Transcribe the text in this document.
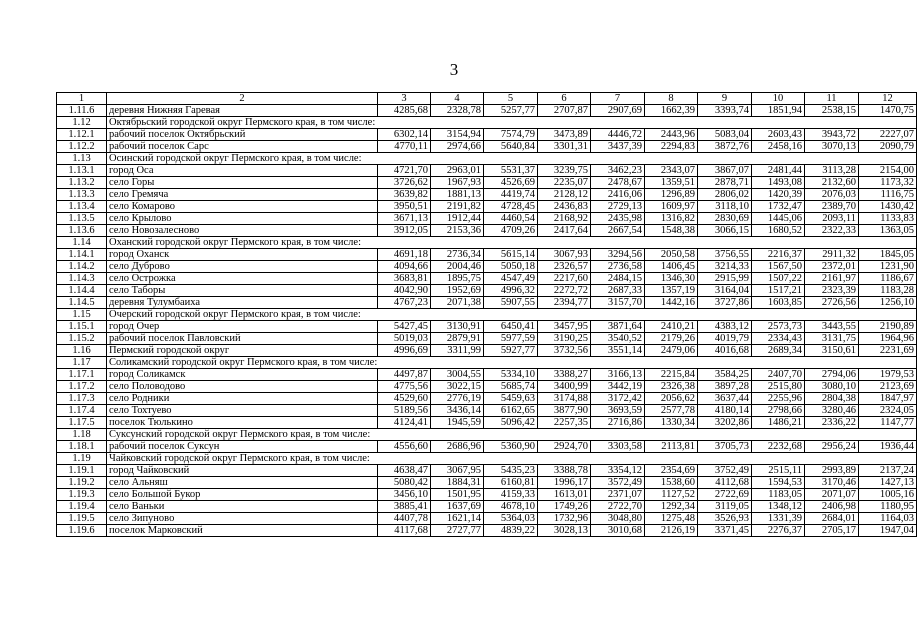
3
1	2	3	4	5	6	7	8	9	10	11	12
1.11.6	деревня Нижняя Гаревая	4285,68	2328,78	5257,77	2707,87	2907,69	1662,39	3393,74	1851,94	2538,15	1470,75
1.12	Октябрьский городской округ Пермского края, в том числе:										
1.12.1	рабочий поселок Октябрьский	6302,14	3154,94	7574,79	3473,89	4446,72	2443,96	5083,04	2603,43	3943,72	2227,07
1.12.2	рабочий поселок Сарс	4770,11	2974,66	5640,84	3301,31	3437,39	2294,83	3872,76	2458,16	3070,13	2090,79
1.13	Осинский городской округ Пермского края, в том числе:										
1.13.1	город Оса	4721,70	2963,01	5531,37	3239,75	3462,23	2343,07	3867,07	2481,44	3113,28	2154,00
1.13.2	село Горы	3726,62	1967,93	4526,69	2235,07	2478,67	1359,51	2878,71	1493,08	2132,60	1173,32
1.13.3	село Гремяча	3639,82	1881,13	4419,74	2128,12	2416,06	1296,89	2806,02	1420,39	2076,03	1116,75
1.13.4	село Комарово	3950,51	2191,82	4728,45	2436,83	2729,13	1609,97	3118,10	1732,47	2389,70	1430,42
1.13.5	село Крылово	3671,13	1912,44	4460,54	2168,92	2435,98	1316,82	2830,69	1445,06	2093,11	1133,83
1.13.6	село Новозалесново	3912,05	2153,36	4709,26	2417,64	2667,54	1548,38	3066,15	1680,52	2322,33	1363,05
1.14	Оханский городской округ Пермского края, в том числе:										
1.14.1	город Оханск	4691,18	2736,34	5615,14	3067,93	3294,56	2050,58	3756,55	2216,37	2911,32	1845,05
1.14.2	село Дуброво	4094,66	2004,46	5050,18	2326,57	2736,58	1406,45	3214,33	1567,50	2372,01	1231,90
1.14.3	село Острожка	3683,81	1895,75	4547,49	2217,60	2484,15	1346,30	2915,99	1507,22	2161,97	1186,67
1.14.4	село Таборы	4042,90	1952,69	4996,32	2272,72	2687,33	1357,19	3164,04	1517,21	2323,39	1183,28
1.14.5	деревня Тулумбаиха	4767,23	2071,38	5907,55	2394,77	3157,70	1442,16	3727,86	1603,85	2726,56	1256,10
1.15	Очерский городской округ Пермского края, в том числе:										
1.15.1	город Очер	5427,45	3130,91	6450,41	3457,95	3871,64	2410,21	4383,12	2573,73	3443,55	2190,89
1.15.2	рабочий поселок Павловский	5019,03	2879,91	5977,59	3190,25	3540,52	2179,26	4019,79	2334,43	3131,75	1964,96
1.16	Пермский городской округ	4996,69	3311,99	5927,77	3732,56	3551,14	2479,06	4016,68	2689,34	3150,61	2231,69
1.17	Соликамский городской округ Пермского края, в том числе:										
1.17.1	город Соликамск	4497,87	3004,55	5334,10	3388,27	3166,13	2215,84	3584,25	2407,70	2794,06	1979,53
1.17.2	село Половодово	4775,56	3022,15	5685,74	3400,99	3442,19	2326,38	3897,28	2515,80	3080,10	2123,69
1.17.3	село Родники	4529,60	2776,19	5459,63	3174,88	3172,42	2056,62	3637,44	2255,96	2804,38	1847,97
1.17.4	село Тохтуево	5189,56	3436,14	6162,65	3877,90	3693,59	2577,78	4180,14	2798,66	3280,46	2324,05
1.17.5	поселок Тюлькино	4124,41	1945,59	5096,42	2257,35	2716,86	1330,34	3202,86	1486,21	2336,22	1147,77
1.18	Суксунский городской округ Пермского края, в том числе:										
1.18.1	рабочий поселок Суксун	4556,60	2686,96	5360,90	2924,70	3303,58	2113,81	3705,73	2232,68	2956,24	1936,44
1.19	Чайковский городской округ Пермского края, в том числе:										
1.19.1	город Чайковский	4638,47	3067,95	5435,23	3388,78	3354,12	2354,69	3752,49	2515,11	2993,89	2137,24
1.19.2	село Альняш	5080,42	1884,31	6160,81	1996,17	3572,49	1538,60	4112,68	1594,53	3170,46	1427,13
1.19.3	село Большой Букор	3456,10	1501,95	4159,33	1613,01	2371,07	1127,52	2722,69	1183,05	2071,07	1005,16
1.19.4	село Ваньки	3885,41	1637,69	4678,10	1749,26	2722,70	1292,34	3119,05	1348,12	2406,98	1180,95
1.19.5	село Зипуново	4407,78	1621,14	5364,03	1732,96	3048,80	1275,48	3526,93	1331,39	2684,01	1164,03
1.19.6	поселок Марковский	4117,68	2727,77	4839,22	3028,13	3010,68	2126,19	3371,45	2276,37	2705,17	1947,04
